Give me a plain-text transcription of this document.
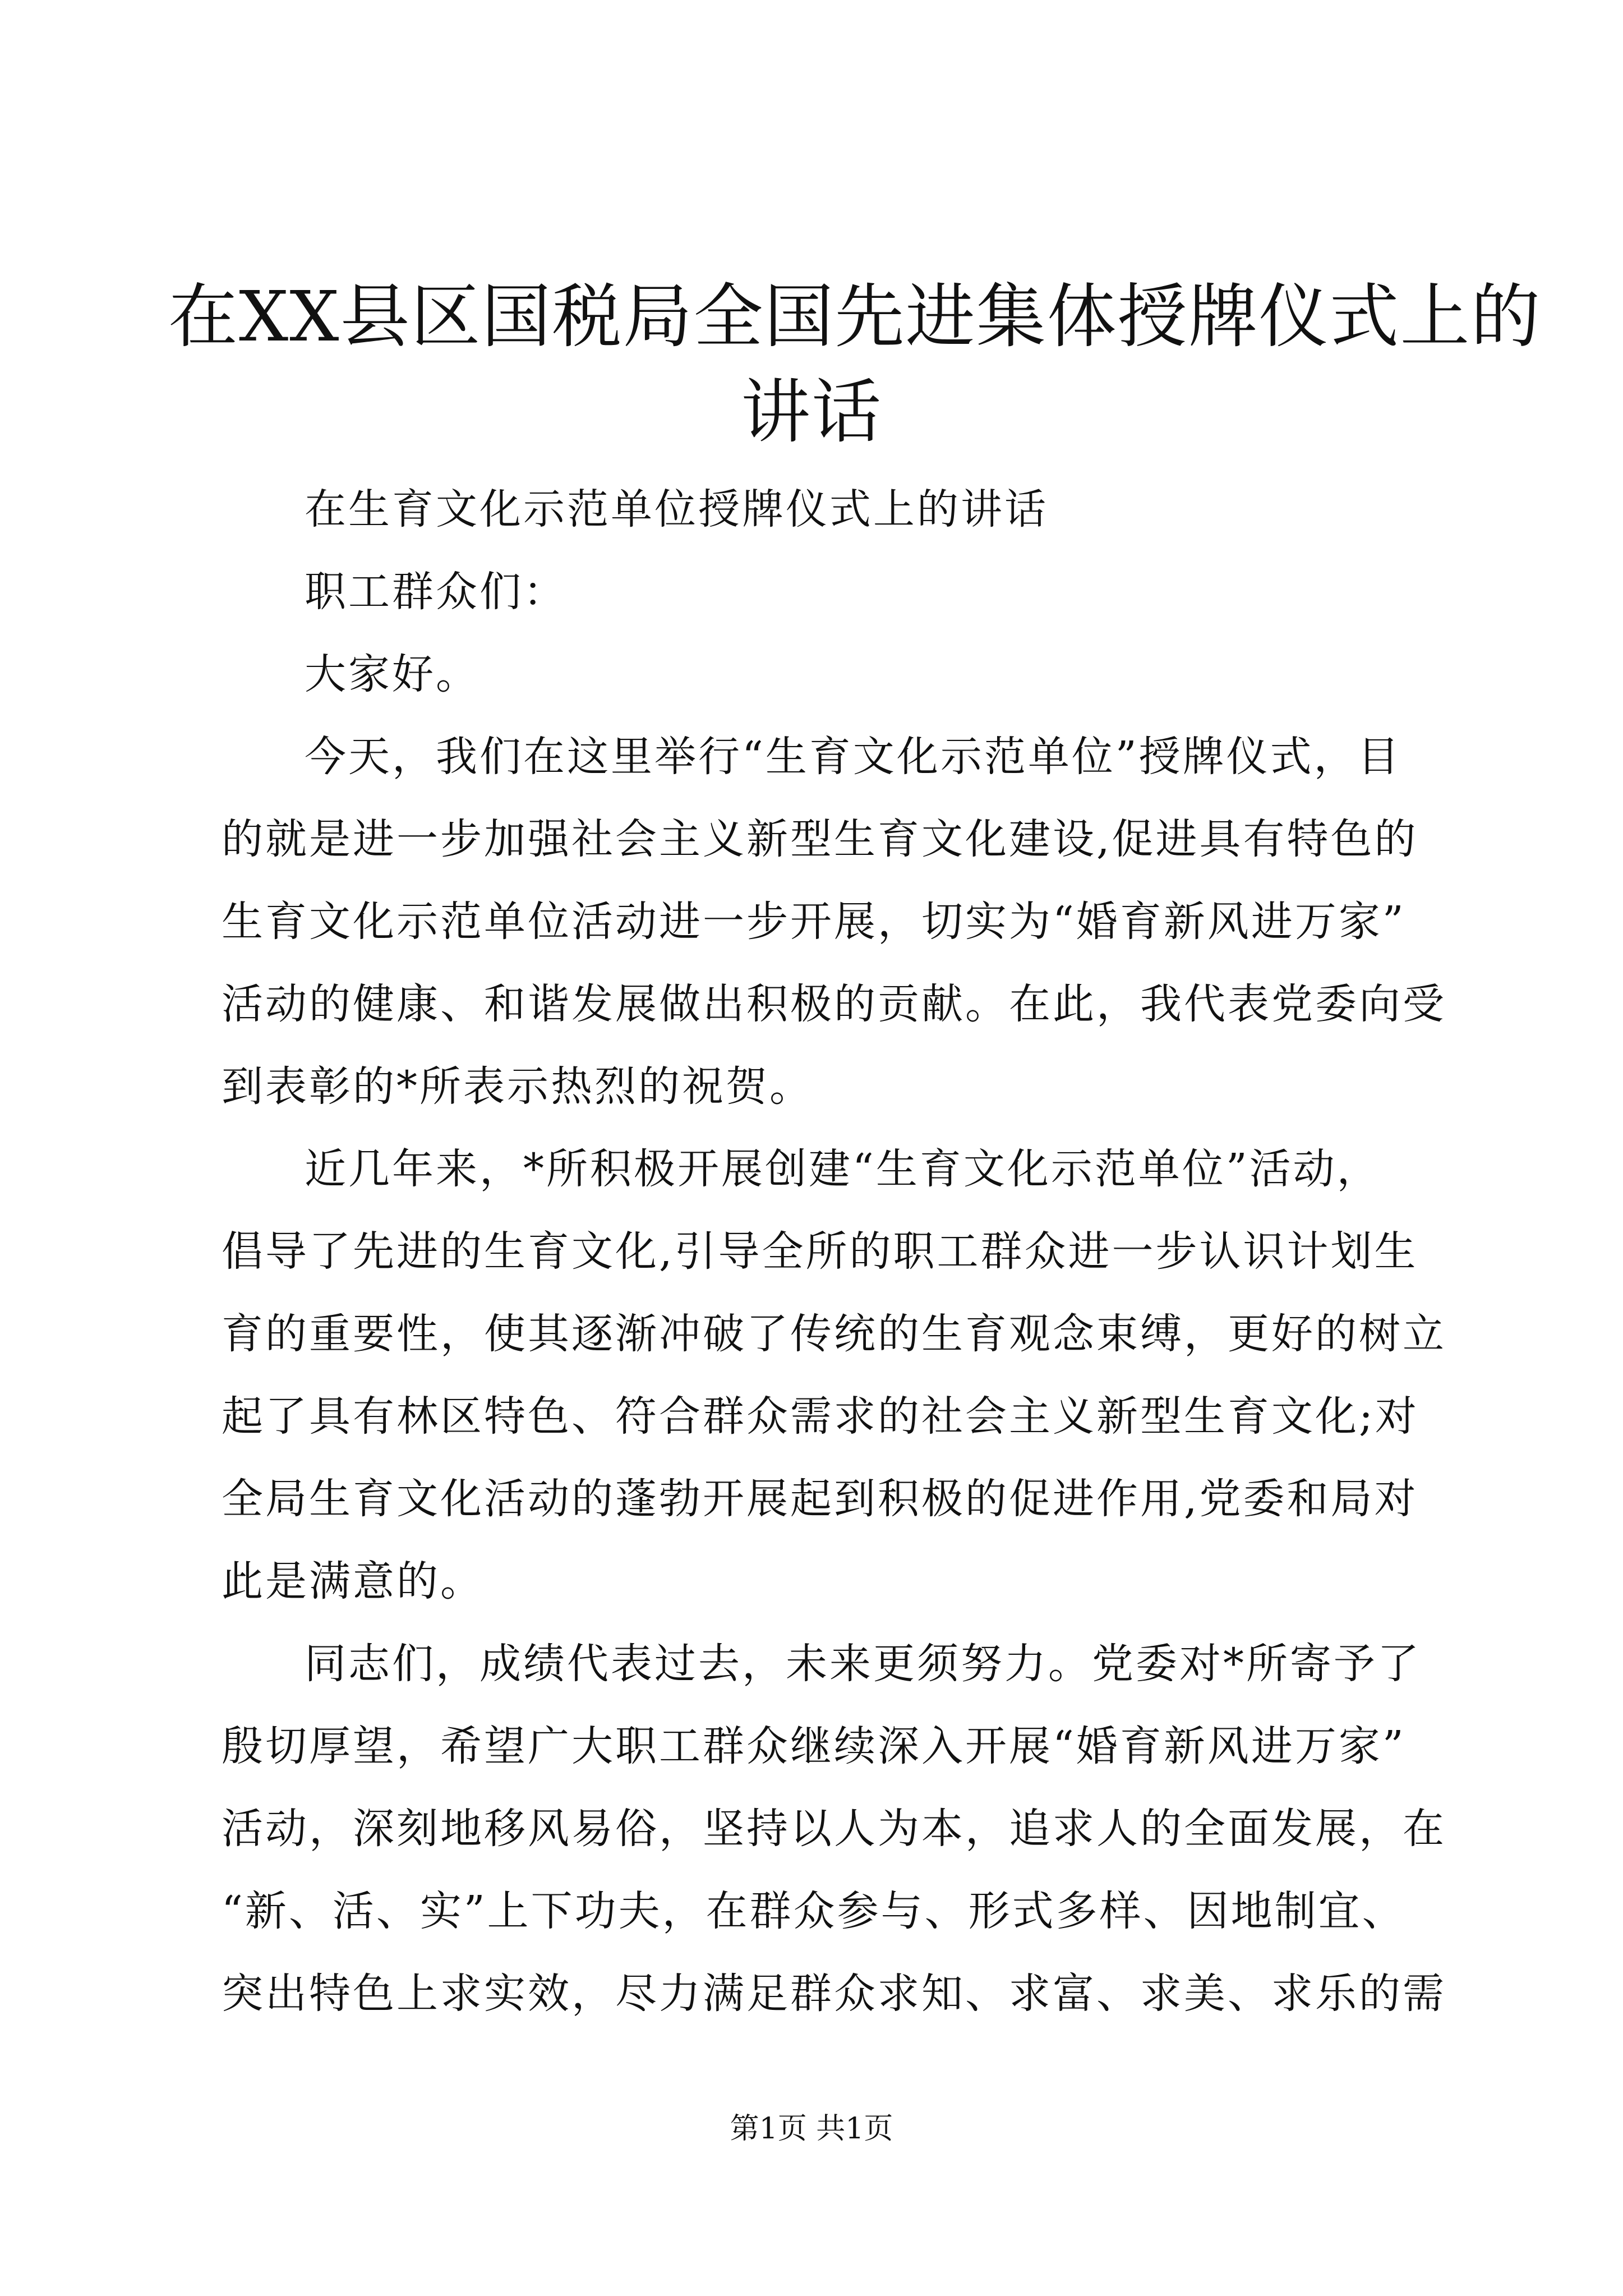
在XX县区国税局全国先进集体授牌仪式上的
讲话
在生育文化示范单位授牌仪式上的讲话
职工群众们：
大家好。
今天，我们在这里举行“生育文化示范单位”授牌仪式，目
的就是进一步加强社会主义新型生育文化建设,促进具有特色的
生育文化示范单位活动进一步开展，切实为“婚育新风进万家”
活动的健康、和谐发展做出积极的贡献。在此，我代表党委向受
到表彰的*所表示热烈的祝贺。
近几年来，*所积极开展创建“生育文化示范单位”活动，
倡导了先进的生育文化,引导全所的职工群众进一步认识计划生
育的重要性，使其逐渐冲破了传统的生育观念束缚，更好的树立
起了具有林区特色、符合群众需求的社会主义新型生育文化;对
全局生育文化活动的蓬勃开展起到积极的促进作用,党委和局对
此是满意的。
同志们，成绩代表过去，未来更须努力。党委对*所寄予了
殷切厚望，希望广大职工群众继续深入开展“婚育新风进万家”
活动，深刻地移风易俗，坚持以人为本，追求人的全面发展，在
“新、活、实”上下功夫，在群众参与、形式多样、因地制宜、
突出特色上求实效，尽力满足群众求知、求富、求美、求乐的需
第1页 共1页
